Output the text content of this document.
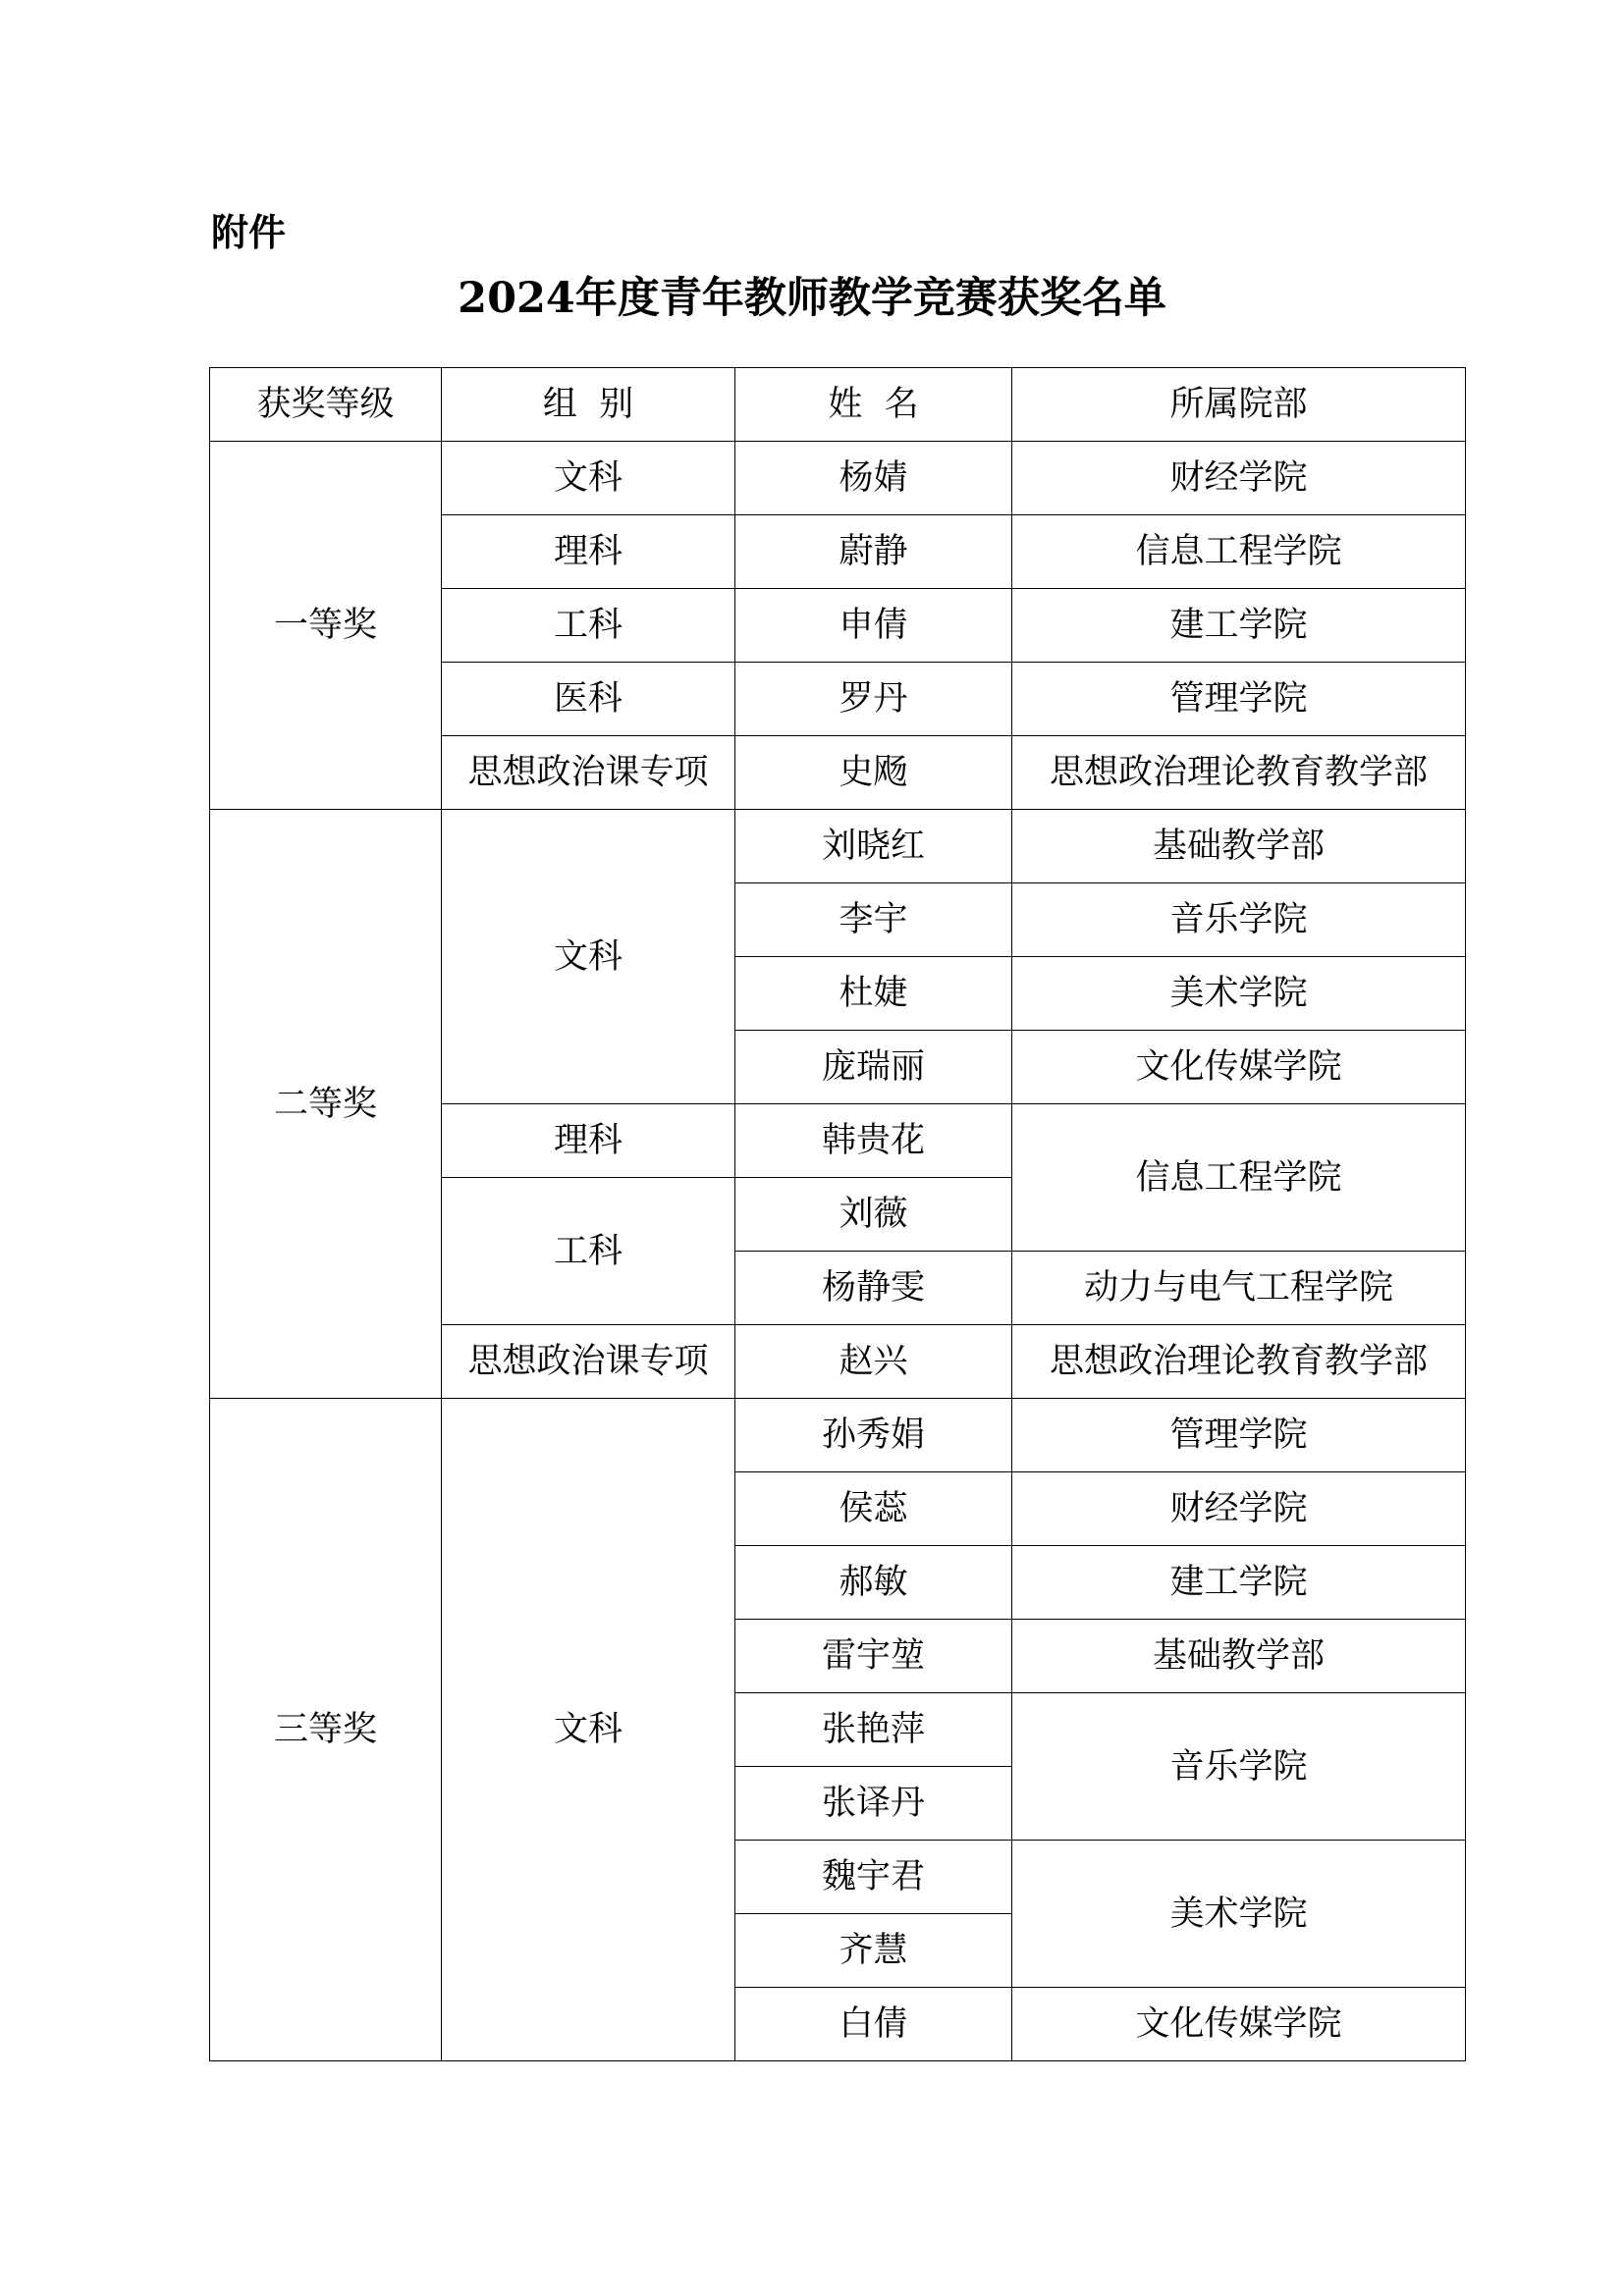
附件
2024年度青年教师教学竞赛获奖名单
获奖等级	组  别	姓  名	所属院部
一等奖	文科	杨婧	财经学院
	理科	蔚静	信息工程学院
	工科	申倩	建工学院
	医科	罗丹	管理学院
	思想政治课专项	史飏	思想政治理论教育教学部
二等奖	文科	刘晓红	基础教学部
		李宇	音乐学院
		杜婕	美术学院
		庞瑞丽	文化传媒学院
	理科	韩贵花	信息工程学院
	工科	刘薇	
		杨静雯	动力与电气工程学院
	思想政治课专项	赵兴	思想政治理论教育教学部
三等奖	文科	孙秀娟	管理学院
		侯蕊	财经学院
		郝敏	建工学院
		雷宇堃	基础教学部
		张艳萍	音乐学院
		张译丹	
		魏宇君	美术学院
		齐慧	
		白倩	文化传媒学院
